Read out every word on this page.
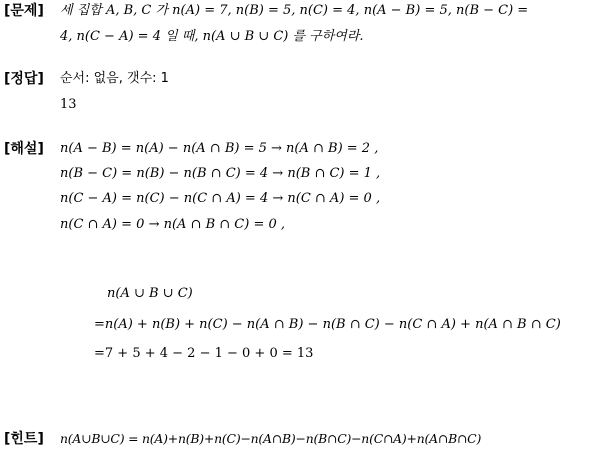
[문제] 세 집합 A, B, C 가 n(A) = 7, n(B) = 5, n(C) = 4, n(A − B) = 5, n(B − C) =
4, n(C − A) = 4 일 때, n(A ∪ B ∪ C) 를 구하여라.
[정답] 순서: 없음, 갯수: 1
13
[해설] n(A − B) = n(A) − n(A ∩ B) = 5 → n(A ∩ B) = 2 ,
n(B − C) = n(B) − n(B ∩ C) = 4 → n(B ∩ C) = 1 ,
n(C − A) = n(C) − n(C ∩ A) = 4 → n(C ∩ A) = 0 ,
n(C ∩ A) = 0 → n(A ∩ B ∩ C) = 0 ,
n(A ∪ B ∪ C)
=n(A) + n(B) + n(C) − n(A ∩ B) − n(B ∩ C) − n(C ∩ A) + n(A ∩ B ∩ C)
=7 + 5 + 4 − 2 − 1 − 0 + 0 = 13
[힌트] n(A∪B∪C) = n(A)+n(B)+n(C)−n(A∩B)−n(B∩C)−n(C∩A)+n(A∩B∩C)
